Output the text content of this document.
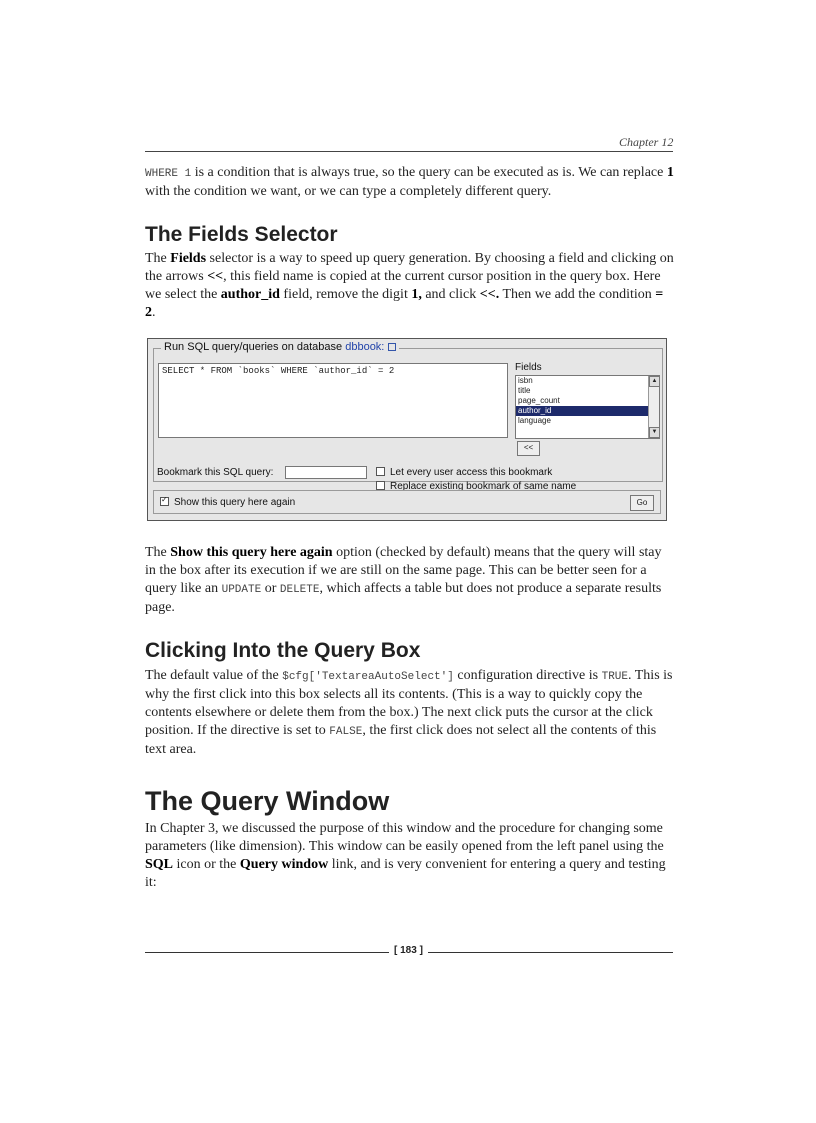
Chapter 12

WHERE 1 is a condition that is always true, so the query can be executed as is. We can replace 1 with the condition we want, or we can type a completely different query.

The Fields Selector

The Fields selector is a way to speed up query generation. By choosing a field and clicking on the arrows <<, this field name is copied at the current cursor position in the query box. Here we select the author_id field, remove the digit 1, and click <<. Then we add the condition = 2.

Run SQL query/queries on database dbbook:
SELECT * FROM `books` WHERE `author_id` = 2	Fields
isbn
title
page_count
author_id
language
▲
▼
<<
Bookmark this SQL query:	Let every user access this bookmark
Replace existing bookmark of same name
✓Show this query here again	Go

The Show this query here again option (checked by default) means that the query will stay in the box after its execution if we are still on the same page. This can be better seen for a query like an UPDATE or DELETE, which affects a table but does not produce a separate results page.

Clicking Into the Query Box

The default value of the $cfg['TextareaAutoSelect'] configuration directive is TRUE. This is why the first click into this box selects all its contents. (This is a way to quickly copy the contents elsewhere or delete them from the box.) The next click puts the cursor at the click position. If the directive is set to FALSE, the first click does not select all the contents of this text area.

The Query Window

In Chapter 3, we discussed the purpose of this window and the procedure for changing some parameters (like dimension). This window can be easily opened from the left panel using the SQL icon or the Query window link, and is very convenient for entering a query and testing it:

[ 183 ]
